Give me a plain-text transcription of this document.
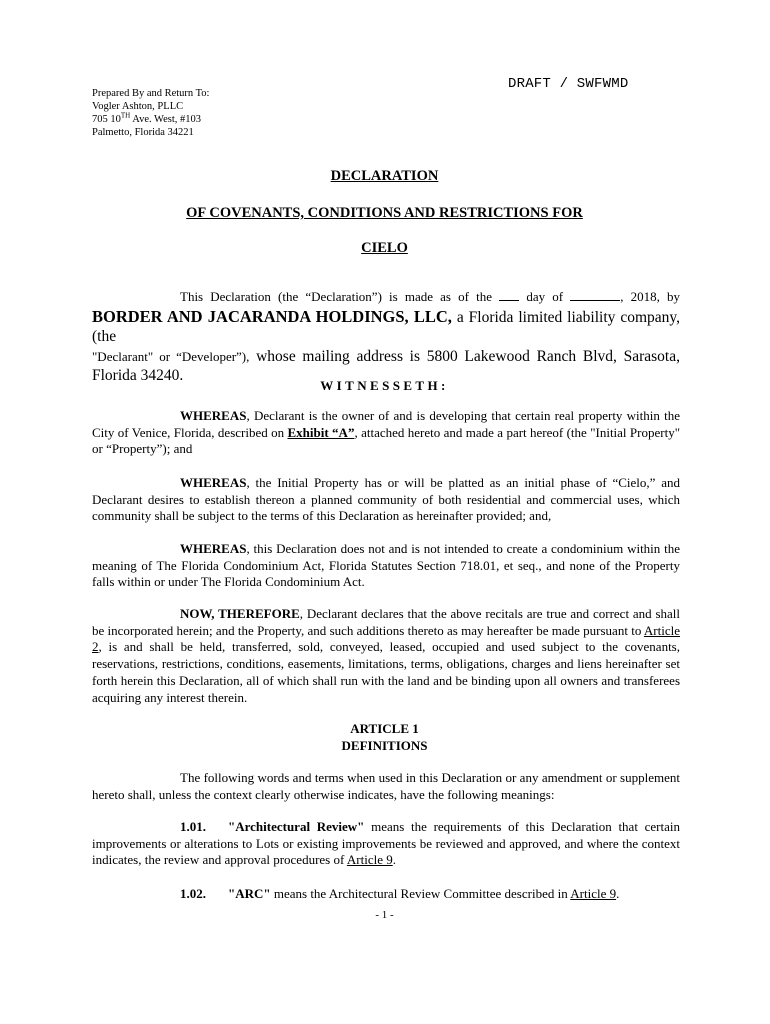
DRAFT / SWFWMD
Prepared By and Return To:
Vogler Ashton, PLLC
705 10TH Ave. West, #103
Palmetto, Florida 34221
DECLARATION
OF COVENANTS, CONDITIONS AND RESTRICTIONS FOR
CIELO
This Declaration (the “Declaration”) is made as of the	day of	, 2018, by
BORDER AND JACARANDA HOLDINGS, LLC, a Florida limited liability company, (the
"Declarant" or “Developer”), whose mailing address is 5800 Lakewood Ranch Blvd, Sarasota, Florida 34240.
WITNESSETH:
WHEREAS, Declarant is the owner of and is developing that certain real property within the City of Venice, Florida, described on Exhibit “A”, attached hereto and made a part hereof (the "Initial Property" or “Property”); and
WHEREAS, the Initial Property has or will be platted as an initial phase of “Cielo,” and Declarant desires to establish thereon a planned community of both residential and commercial uses, which community shall be subject to the terms of this Declaration as hereinafter provided; and,
WHEREAS, this Declaration does not and is not intended to create a condominium within the meaning of The Florida Condominium Act, Florida Statutes Section 718.01, et seq., and none of the Property falls within or under The Florida Condominium Act.
NOW, THEREFORE, Declarant declares that the above recitals are true and correct and shall be incorporated herein; and the Property, and such additions thereto as may hereafter be made pursuant to Article 2, is and shall be held, transferred, sold, conveyed, leased, occupied and used subject to the covenants, reservations, restrictions, conditions, easements, limitations, terms, obligations, charges and liens hereinafter set forth herein this Declaration, all of which shall run with the land and be binding upon all owners and transferees acquiring any interest therein.
ARTICLE 1
DEFINITIONS
The following words and terms when used in this Declaration or any amendment or supplement hereto shall, unless the context clearly otherwise indicates, have the following meanings:
1.01. "Architectural Review" means the requirements of this Declaration that certain improvements or alterations to Lots or existing improvements be reviewed and approved, and where the context indicates, the review and approval procedures of Article 9.
1.02. "ARC" means the Architectural Review Committee described in Article 9.
- 1 -
